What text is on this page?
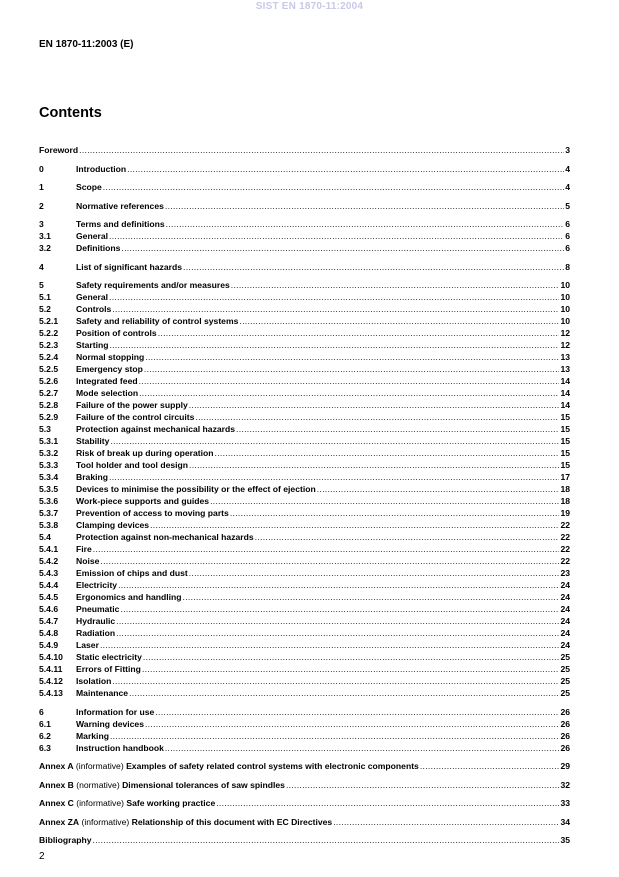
SIST EN 1870-11:2004
EN 1870-11:2003 (E)
Contents
Foreword .....	3
0	Introduction .....	4
1	Scope .....	4
2	Normative references .....	5
3	Terms and definitions .....	6
3.1	General .....	6
3.2	Definitions .....	6
4	List of significant hazards .....	8
5	Safety requirements and/or measures .....	10
5.1	General .....	10
5.2	Controls .....	10
5.2.1	Safety and reliability of control systems .....	10
5.2.2	Position of controls .....	12
5.2.3	Starting .....	12
5.2.4	Normal stopping .....	13
5.2.5	Emergency stop .....	13
5.2.6	Integrated feed .....	14
5.2.7	Mode selection .....	14
5.2.8	Failure of the power supply .....	14
5.2.9	Failure of the control circuits .....	15
5.3	Protection against mechanical hazards .....	15
5.3.1	Stability .....	15
5.3.2	Risk of break up during operation .....	15
5.3.3	Tool holder and tool design .....	15
5.3.4	Braking .....	17
5.3.5	Devices to minimise the possibility or the effect of ejection .....	18
5.3.6	Work-piece supports and guides .....	18
5.3.7	Prevention of access to moving parts .....	19
5.3.8	Clamping devices .....	22
5.4	Protection against non-mechanical hazards .....	22
5.4.1	Fire .....	22
5.4.2	Noise .....	22
5.4.3	Emission of chips and dust .....	23
5.4.4	Electricity .....	24
5.4.5	Ergonomics and handling .....	24
5.4.6	Pneumatic .....	24
5.4.7	Hydraulic .....	24
5.4.8	Radiation .....	24
5.4.9	Laser .....	24
5.4.10	Static electricity .....	25
5.4.11	Errors of Fitting .....	25
5.4.12	Isolation .....	25
5.4.13	Maintenance .....	25
6	Information for use .....	26
6.1	Warning devices .....	26
6.2	Marking .....	26
6.3	Instruction handbook .....	26
Annex A (informative) Examples of safety related control systems with electronic components .....	29
Annex B (normative) Dimensional tolerances of saw spindles .....	32
Annex C (informative) Safe working practice .....	33
Annex ZA (informative) Relationship of this document with EC Directives .....	34
Bibliography .....	35
2
